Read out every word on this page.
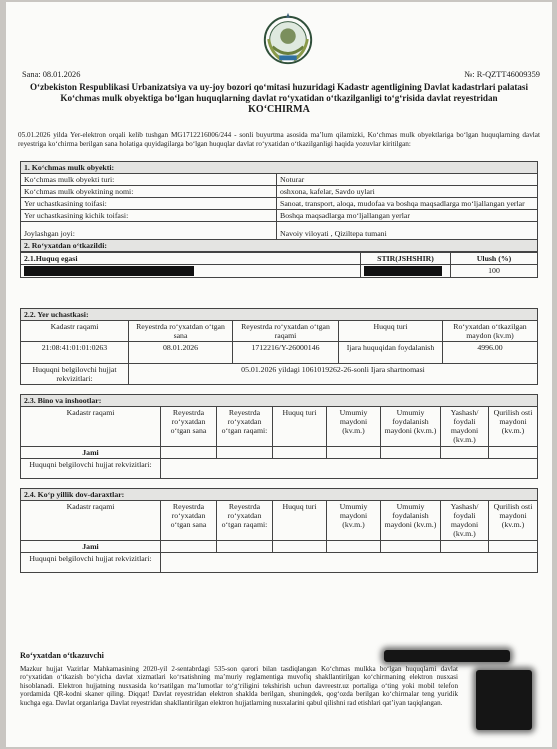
Sana: 08.01.2026	№: R-QZTT46009359
O‘zbekiston Respublikasi Urbanizatsiya va uy-joy bozori qo‘mitasi huzuridagi Kadastr agentligining Davlat kadastrlari palatasi Ko‘chmas mulk obyektiga bo‘lgan huquqlarning davlat ro‘yxatidan o‘tkazilganligi to‘g‘risida davlat reyestridan
KO‘CHIRMA
05.01.2026 yilda Yer-elektron orqali kelib tushgan MG1712216006/244 - sonli buyurtma asosida ma’lum qilamizki, Ko‘chmas mulk obyektlariga bo‘lgan huquqlarning davlat reyestriga ko‘chirma berilgan sana holatiga quyidagilarga bo‘lgan huquqlar davlat ro‘yxatidan o‘tkazilganligi haqida yozuvlar kiritilgan:
1. Ko‘chmas mulk obyekti:	
Ko‘chmas mulk obyekti turi:	Noturar
Ko‘chmas mulk obyektining nomi:	oshxona, kafelar, Savdo uylari
Yer uchastkasining toifasi:	Sanoat, transport, aloqa, mudofaa va boshqa maqsadlarga mo‘ljallangan yerlar
Yer uchastkasining kichik toifasi:	Boshqa maqsadlarga mo‘ljallangan yerlar
Joylashgan joyi:	Navoiy viloyati , Qiziltepa tumani
2. Ro‘yxatdan o‘tkazildi:	
2.1.Huquq egasi	STIR(JSHSHIR)	Ulush (%)
		100
2.2. Yer uchastkasi:				
Kadastr raqami	Reyestrda ro‘yxatdan o‘tgan sana	Reyestrda ro‘yxatdan o‘tgan raqami	Huquq turi	Ro‘yxatdan o‘tkazilgan maydon (kv.m)
21:08:41:01:01:0263	08.01.2026	1712216/Y-26000146	Ijara huquqidan foydalanish	4996.00
Huquqni belgilovchi hujjat rekvizitlari:	05.01.2026 yildagi 1061019262-26-sonli Ijara shartnomasi			
2.3. Bino va inshootlar:							
Kadastr raqami	Reyestrda ro‘yxatdan o‘tgan sana	Reyestrda ro‘yxatdan o‘tgan raqami:	Huquq turi	Umumiy maydoni (kv.m.)	Umumiy foydalanish maydoni (kv.m.)	Yashash/ foydali maydoni (kv.m.)	Qurilish osti maydoni (kv.m.)
Jami							
Huquqni belgilovchi hujjat rekvizitlari:							
2.4. Ko‘p yillik dov-daraxtlar:							
Kadastr raqami	Reyestrda ro‘yxatdan o‘tgan sana	Reyestrda ro‘yxatdan o‘tgan raqami:	Huquq turi	Umumiy maydoni (kv.m.)	Umumiy foydalanish maydoni (kv.m.)	Yashash/ foydali maydoni (kv.m.)	Qurilish osti maydoni (kv.m.)
Jami							
Huquqni belgilovchi hujjat rekvizitlari:							
Ro‘yxatdan o‘tkazuvchi
Mazkur hujjat Vazirlar Mahkamasining 2020-yil 2-sentabrdagi 535-son qarori bilan tasdiqlangan Ko‘chmas mulkka bo‘lgan huquqlarni davlat ro‘yxatidan o‘tkazish bo‘yicha davlat xizmatlari ko‘rsatishning ma’muriy reglamentiga muvofiq shakllantirilgan ko‘chirmaning elektron nusxasi hisoblanadi. Elektron hujjatning nusxasida ko‘rsatilgan ma’lumotlar to‘g‘riligini tekshirish uchun davreestr.uz portaliga o‘ting yoki mobil telefon yordamida QR-kodni skaner qiling. Diqqat! Davlat reyestridan elektron shaklda berilgan, shuningdek, qog‘ozda berilgan ko‘chirmalar teng yuridik kuchga ega. Davlat organlariga Davlat reyestridan shakllantirilgan elektron hujjatlarning nusxalarini qabul qilishni rad etishlari qat’iyan taqiqlangan.
